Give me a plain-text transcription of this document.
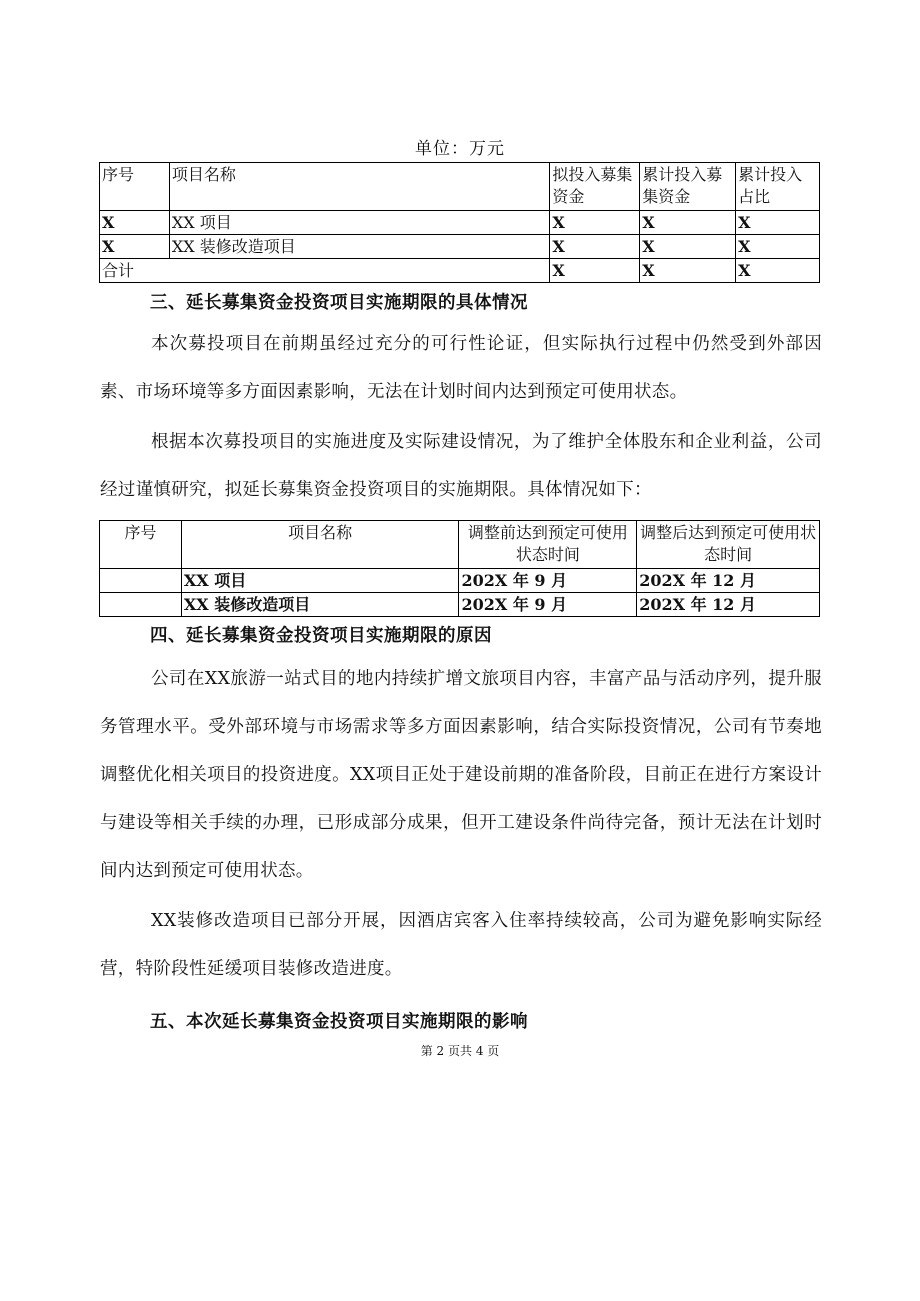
单位：万元
序号	项目名称	拟投入募集资金	累计投入募集资金	累计投入占比
X	XX 项目	X	X	X
X	XX 装修改造项目	X	X	X
合计		X	X	X
三、延长募集资金投资项目实施期限的具体情况

本次募投项目在前期虽经过充分的可行性论证，但实际执行过程中仍然受到外部因素、市场环境等多方面因素影响，无法在计划时间内达到预定可使用状态。

根据本次募投项目的实施进度及实际建设情况，为了维护全体股东和企业利益，公司经过谨慎研究，拟延长募集资金投资项目的实施期限。具体情况如下：

序号	项目名称	调整前达到预定可使用状态时间	调整后达到预定可使用状态时间
	XX 项目	202X 年 9 月	202X 年 12 月
	XX 装修改造项目	202X 年 9 月	202X 年 12 月
四、延长募集资金投资项目实施期限的原因

公司在XX旅游一站式目的地内持续扩增文旅项目内容，丰富产品与活动序列，提升服务管理水平。受外部环境与市场需求等多方面因素影响，结合实际投资情况，公司有节奏地调整优化相关项目的投资进度。XX项目正处于建设前期的准备阶段，目前正在进行方案设计与建设等相关手续的办理，已形成部分成果，但开工建设条件尚待完备，预计无法在计划时间内达到预定可使用状态。

XX装修改造项目已部分开展，因酒店宾客入住率持续较高，公司为避免影响实际经营，特阶段性延缓项目装修改造进度。

五、本次延长募集资金投资项目实施期限的影响
第 2 页共 4 页
